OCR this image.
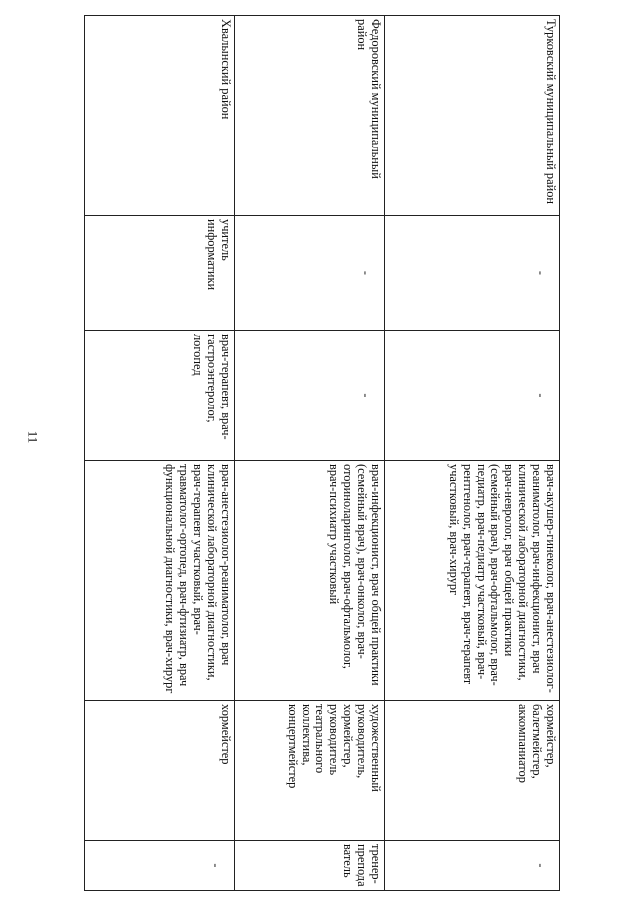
11
Турковский муниципальный район	-	-	врач-акушер-гинеколог, врач-анестезиолог-реаниматолог, врач-инфекционист, врач клинической лабораторной диагностики, врач-невролог, врач общей практики (семейный врач), врач-офтальмолог, врач-педиатр, врач-педиатр участковый, врач-рентгенолог, врач-терапевт, врач-терапевт участковый, врач-хирург	хормейстер, балетмейстер, аккомпаниатор	-
Федоровский муниципальный район	-	-	врач-инфекционист, врач общей практики (семейный врач), врач-онколог, врач-оториноларинголог, врач-офтальмолог, врач-психиатр участковый	художественный руководитель, хормейстер, руководитель театрального коллектива, концертмейстер	тренер-преподаватель
Хвалынский район	учитель информатики	врач-терапевт, врач-гастроэнтеролог, логопед	врач-анестезиолог-реаниматолог, врач клинической лабораторной диагностики, врач-терапевт участковый, врач-травматолог-ортопед, врач-фтизиатр, врач функциональной диагностики, врач-хирург	хормейстер	-
